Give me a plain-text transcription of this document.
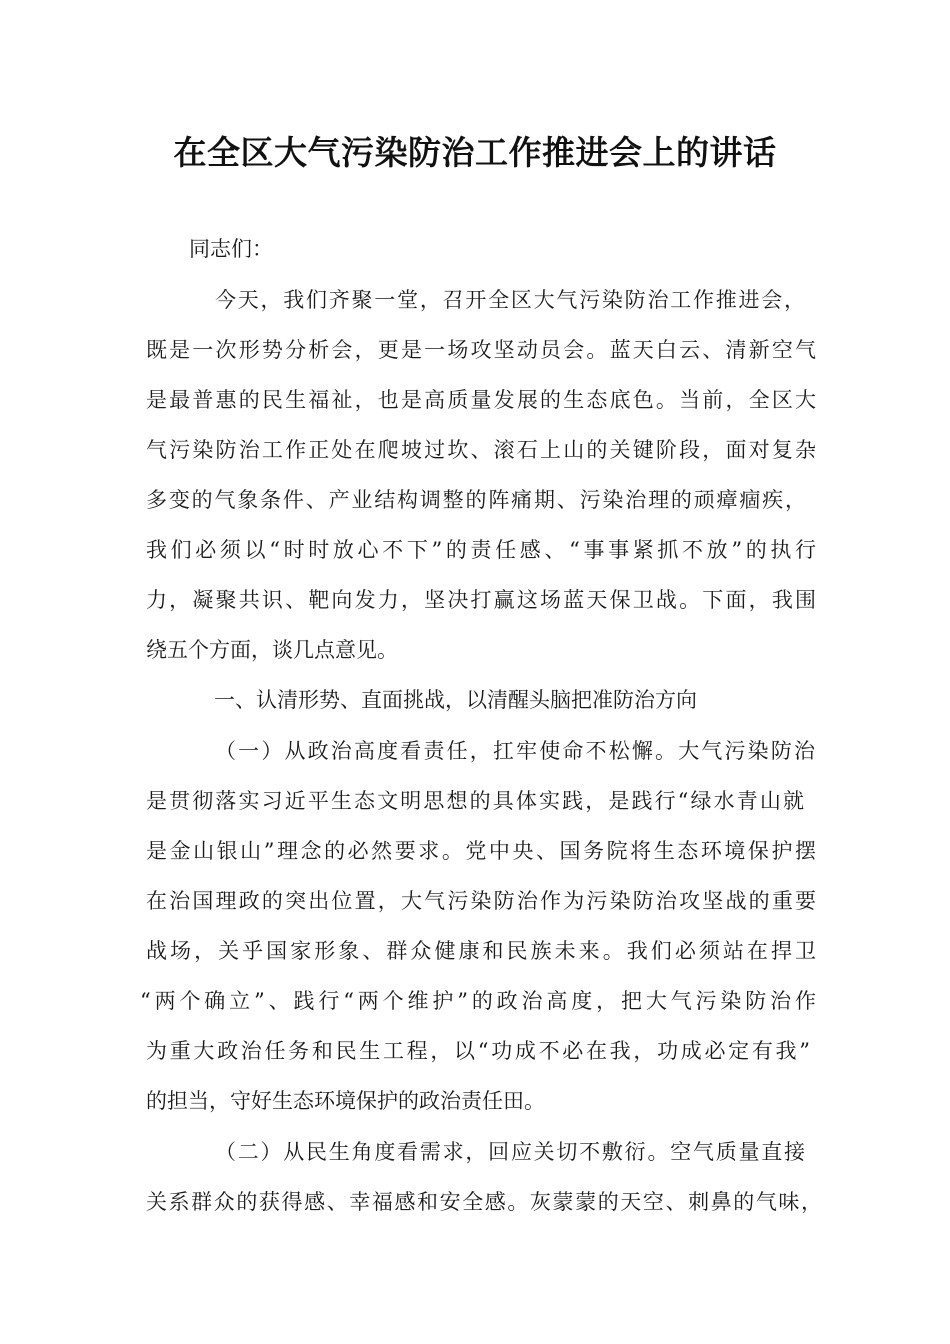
在全区大气污染防治工作推进会上的讲话

同志们：

今天，我们齐聚一堂，召开全区大气污染防治工作推进会，

既是一次形势分析会，更是一场攻坚动员会。蓝天白云、清新空气

是最普惠的民生福祉，也是高质量发展的生态底色。当前，全区大

气污染防治工作正处在爬坡过坎、滚石上山的关键阶段，面对复杂

多变的气象条件、产业结构调整的阵痛期、污染治理的顽瘴痼疾，

我们必须以“时时放心不下”的责任感、“事事紧抓不放”的执行

力，凝聚共识、靶向发力，坚决打赢这场蓝天保卫战。下面，我围

绕五个方面，谈几点意见。

一、认清形势、直面挑战，以清醒头脑把准防治方向

（一）从政治高度看责任，扛牢使命不松懈。大气污染防治

是贯彻落实习近平生态文明思想的具体实践，是践行“绿水青山就

是金山银山”理念的必然要求。党中央、国务院将生态环境保护摆

在治国理政的突出位置，大气污染防治作为污染防治攻坚战的重要

战场，关乎国家形象、群众健康和民族未来。我们必须站在捍卫

“两个确立”、践行“两个维护”的政治高度，把大气污染防治作

为重大政治任务和民生工程，以“功成不必在我，功成必定有我”

的担当，守好生态环境保护的政治责任田。

（二）从民生角度看需求，回应关切不敷衍。空气质量直接

关系群众的获得感、幸福感和安全感。灰蒙蒙的天空、刺鼻的气味，
